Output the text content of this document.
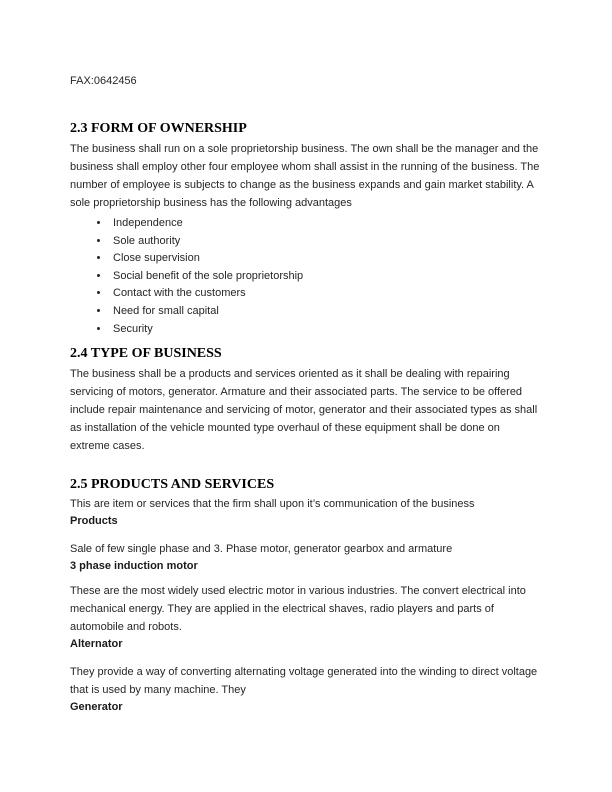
FAX:0642456

2.3 FORM OF OWNERSHIP

The business shall run on a sole proprietorship business. The own shall be the manager and the business shall employ other four employee whom shall assist in the running of the business. The number of employee is subjects to change as the business expands and gain market stability. A sole proprietorship business has the following advantages

• Independence
• Sole authority
• Close supervision
• Social benefit of the sole proprietorship
• Contact with the customers
• Need for small capital
• Security
2.4 TYPE OF BUSINESS

The business shall be a products and services oriented as it shall be dealing with repairing servicing of motors, generator. Armature and their associated parts. The service to be offered include repair maintenance and servicing of motor, generator and their associated types as shall as installation of the vehicle mounted type overhaul of these equipment shall be done on extreme cases.

2.5 PRODUCTS AND SERVICES

This are item or services that the firm shall upon it’s communication of the business

Products

Sale of few single phase and 3. Phase motor, generator gearbox and armature

3 phase induction motor

These are the most widely used electric motor in various industries. The convert electrical into mechanical energy. They are applied in the electrical shaves, radio players and parts of automobile and robots.

Alternator

They provide a way of converting alternating voltage generated into the winding to direct voltage that is used by many machine. They

Generator
